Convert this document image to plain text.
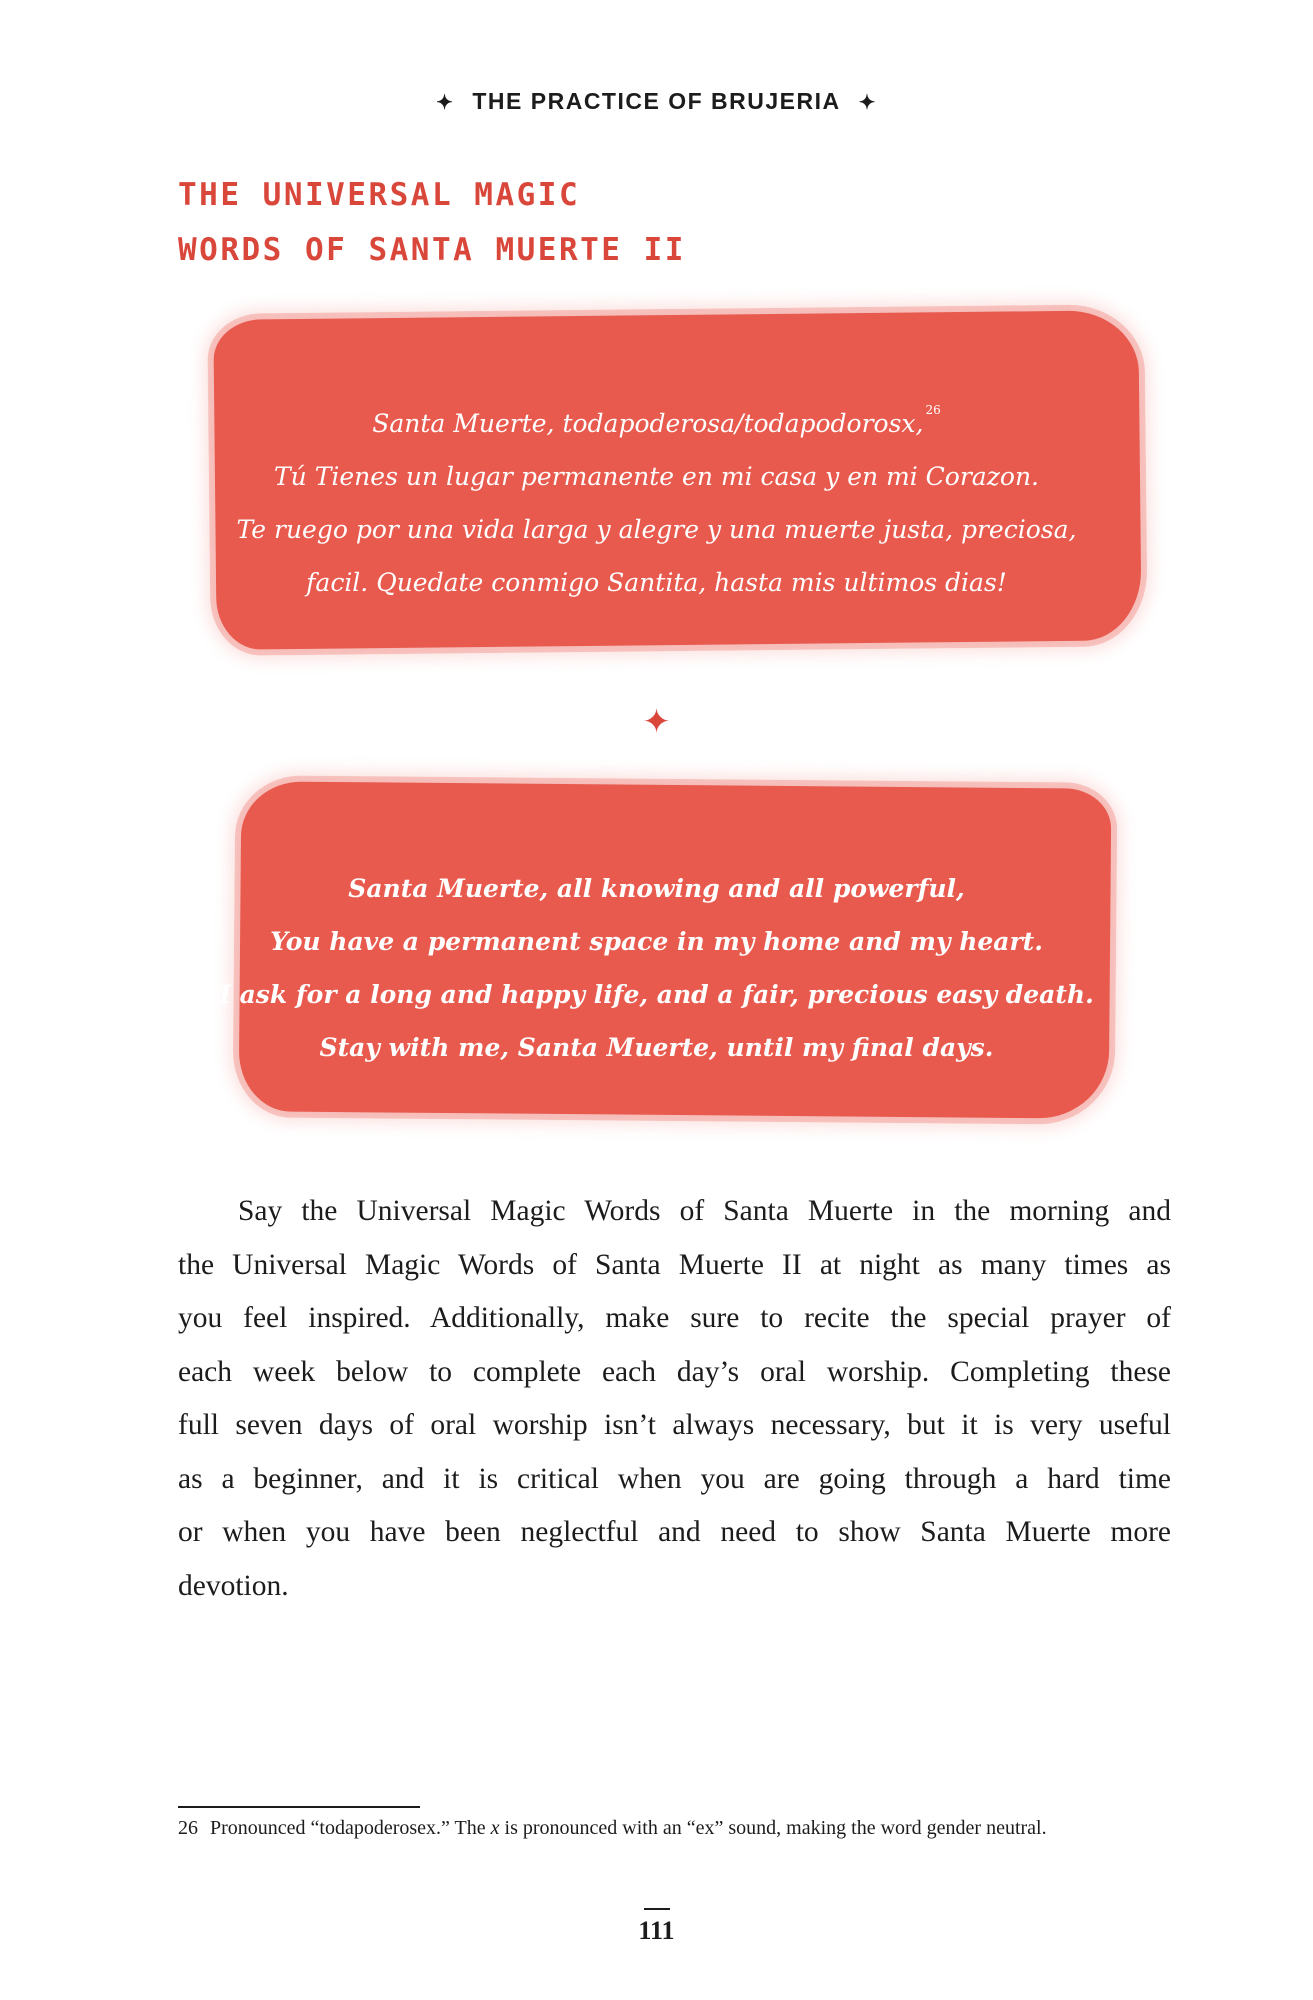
✦ THE PRACTICE OF BRUJERIA ✦
THE UNIVERSAL MAGIC
WORDS OF SANTA MUERTE II
Santa Muerte, todapoderosa/todapodorosx, $^{26}$
Tú Tienes un lugar permanente en mi casa y en mi Corazon.
Te ruego por una vida larga y alegre y una muerte justa, preciosa,
facil. Quedate conmigo Santita, hasta mis ultimos dias!
✦
Santa Muerte, all knowing and all powerful,
You have a permanent space in my home and my heart.
I ask for a long and happy life, and a fair, precious easy death.
Stay with me, Santa Muerte, until my final days.
Say the Universal Magic Words of Santa Muerte in the morning and
the Universal Magic Words of Santa Muerte II at night as many times as
you feel inspired. Additionally, make sure to recite the special prayer of
each week below to complete each day’s oral worship. Completing these
full seven days of oral worship isn’t always necessary, but it is very useful
as a beginner, and it is critical when you are going through a hard time
or when you have been neglectful and need to show Santa Muerte more
devotion.
26 Pronounced “todapoderosex.” The x is pronounced with an “ex” sound, making the word gender neutral.
111
